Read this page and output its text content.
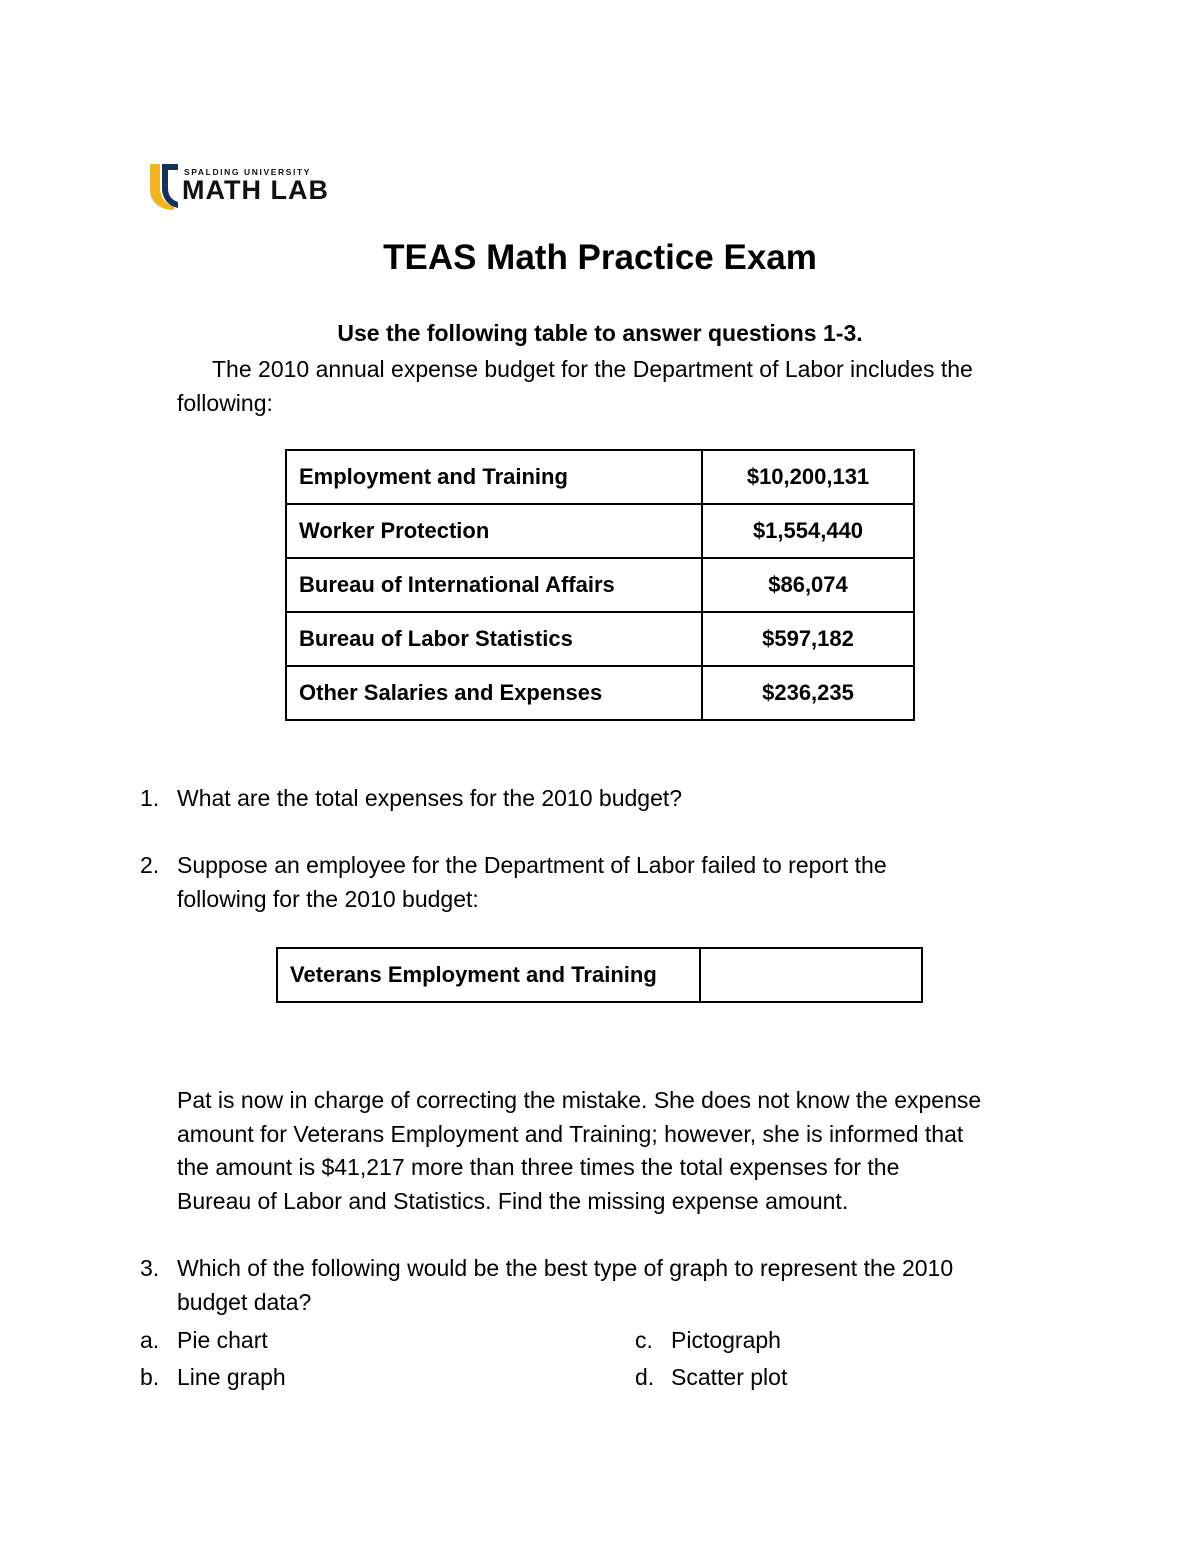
SPALDING UNIVERSITY
MATH LAB
TEAS Math Practice Exam
Use the following table to answer questions 1-3.
The 2010 annual expense budget for the Department of Labor includes the
following:
Employment and Training	$10,200,131
Worker Protection	$1,554,440
Bureau of International Affairs	$86,074
Bureau of Labor Statistics	$597,182
Other Salaries and Expenses	$236,235
1. What are the total expenses for the 2010 budget?
2. Suppose an employee for the Department of Labor failed to report the
following for the 2010 budget:
Veterans Employment and Training	
Pat is now in charge of correcting the mistake. She does not know the expense
amount for Veterans Employment and Training; however, she is informed that
the amount is $41,217 more than three times the total expenses for the
Bureau of Labor and Statistics. Find the missing expense amount.
3. Which of the following would be the best type of graph to represent the 2010
budget data?
a. Pie chart
b. Line graph
c. Pictograph
d. Scatter plot
